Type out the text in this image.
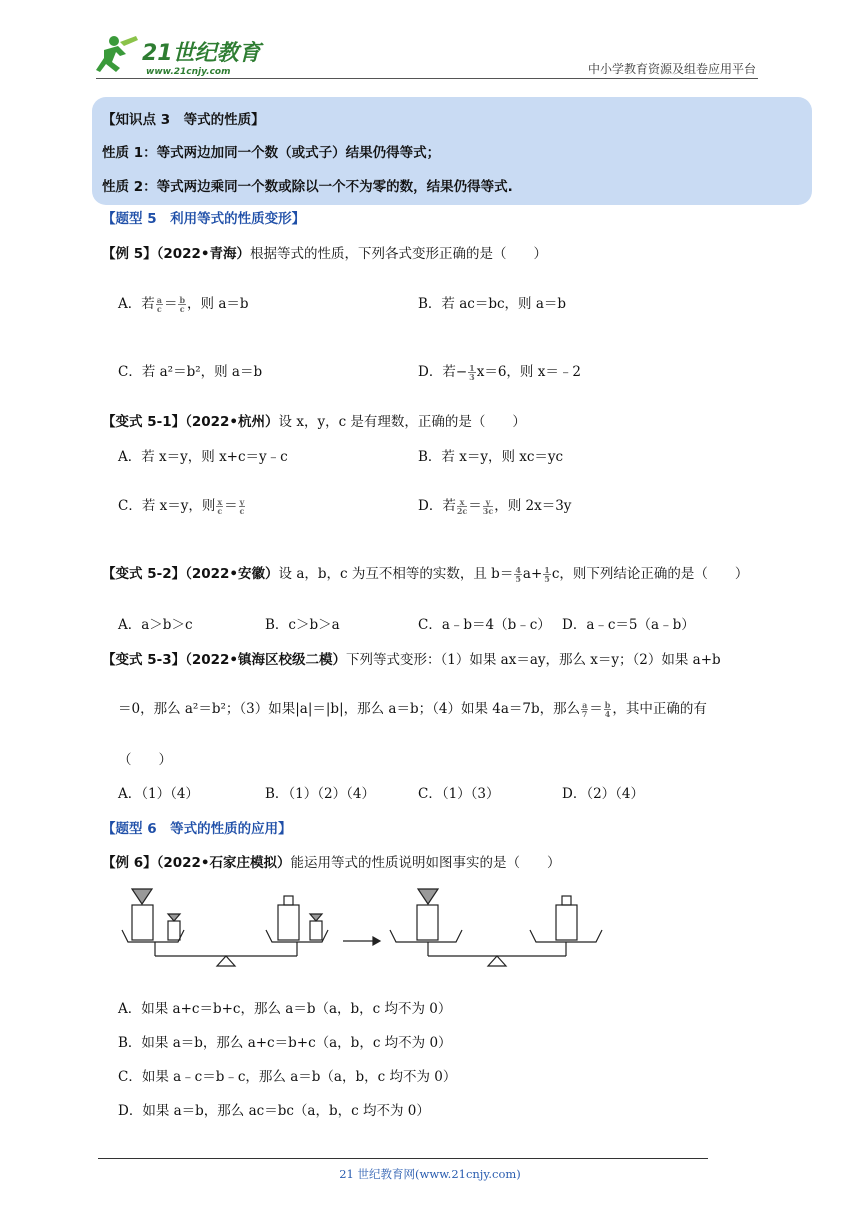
21世纪教育
www.21cnjy.com	中小学教育资源及组卷应用平台
【知识点 3　等式的性质】
性质 1：等式两边加同一个数（或式子）结果仍得等式；
性质 2：等式两边乘同一个数或除以一个不为零的数，结果仍得等式.
【题型 5　利用等式的性质变形】
【例 5】（2022•青海）根据等式的性质，下列各式变形正确的是（　　）
A．若 $\frac{a}{c} = \frac{b}{c}$ ，则 a＝b	B．若 ac＝bc，则 a＝b
C．若 a²＝b²，则 a＝b	D．若− $\frac{1}{3} x=6$，则 x＝﹣2
【变式 5-1】（2022•杭州）设 x，y，c 是有理数，正确的是（　　）
A．若 x＝y，则 x+c＝y﹣c	B．若 x＝y，则 xc＝yc
C．若 x＝y，则 $\frac{x}{c} = \frac{y}{c}$	D．若 $\frac{x}{2c} = \frac{y}{3c}$ ，则 2x＝3y
【变式 5-2】（2022•安徽）设 a，b，c 为互不相等的实数，且 $b= \frac{4}{5} a+ \frac{1}{5}$ c，则下列结论正确的是（　　）
A．a＞b＞c	B．c＞b＞a	C．a﹣b＝4（b﹣c） D．a﹣c＝5（a﹣b）
【变式 5-3】（2022•镇海区校级二模）下列等式变形：（1）如果 ax＝ay，那么 x＝y；（2）如果 a+b
＝0，那么 a²＝b²；（3）如果|a|＝|b|，那么 a＝b；（4）如果 4a＝7b，那么 $\frac{a}{7} = \frac{b}{4}$ ，其中正确的有
（　　）
A．（1）（4）	B．（1）（2）（4）	C．（1）（3）	D．（2）（4）
【题型 6　等式的性质的应用】
【例 6】（2022•石家庄模拟）能运用等式的性质说明如图事实的是（　　）
A．如果 a+c＝b+c，那么 a＝b（a，b，c 均不为 0）
B．如果 a＝b，那么 a+c＝b+c（a，b，c 均不为 0）
C．如果 a﹣c＝b﹣c，那么 a＝b（a，b，c 均不为 0）
D．如果 a＝b，那么 ac＝bc（a，b，c 均不为 0）
21 世纪教育网(www.21cnjy.com)
